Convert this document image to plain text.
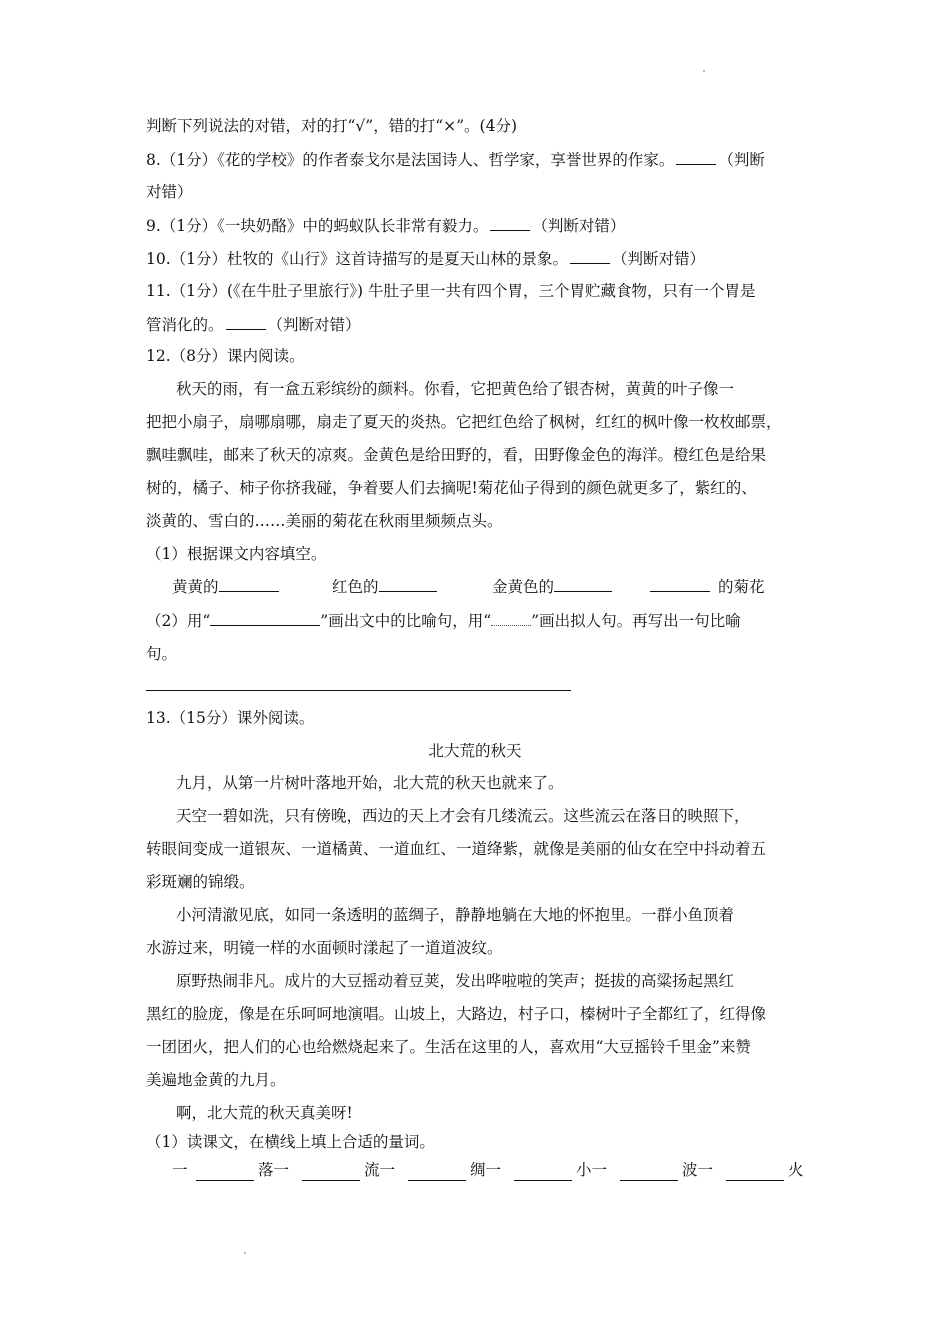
判断下列说法的对错，对的打“√”，错的打“×”。(4分)
8.（1分）《花的学校》的作者泰戈尔是法国诗人、哲学家，享誉世界的作家。	（判断
对错）
9.（1分）《一块奶酪》中的蚂蚁队长非常有毅力。	（判断对错）
10.（1分）杜牧的《山行》这首诗描写的是夏天山林的景象。	（判断对错）
11.（1分）(《在牛肚子里旅行》) 牛肚子里一共有四个胃，三个胃贮藏食物，只有一个胃是
管消化的。	（判断对错）
12.（8分）课内阅读。
秋天的雨，有一盒五彩缤纷的颜料。你看，它把黄色给了银杏树，黄黄的叶子像一
把把小扇子，扇哪扇哪，扇走了夏天的炎热。它把红色给了枫树，红红的枫叶像一枚枚邮票，
飘哇飘哇，邮来了秋天的凉爽。金黄色是给田野的，看，田野像金色的海洋。橙红色是给果
树的，橘子、柿子你挤我碰，争着要人们去摘呢!菊花仙子得到的颜色就更多了，紫红的、
淡黄的、雪白的……美丽的菊花在秋雨里频频点头。
（1）根据课文内容填空。
黄黄的	红色的	金黄色的	的菊花
（2）用“	”画出文中的比喻句，用“	”画出拟人句。再写出一句比喻
句。
13.（15分）课外阅读。
北大荒的秋天
九月，从第一片树叶落地开始，北大荒的秋天也就来了。
天空一碧如洗，只有傍晚，西边的天上才会有几缕流云。这些流云在落日的映照下，
转眼间变成一道银灰、一道橘黄、一道血红、一道绛紫，就像是美丽的仙女在空中抖动着五
彩斑斓的锦缎。
小河清澈见底，如同一条透明的蓝绸子，静静地躺在大地的怀抱里。一群小鱼顶着
水游过来，明镜一样的水面顿时漾起了一道道波纹。
原野热闹非凡。成片的大豆摇动着豆荚，发出哗啦啦的笑声；挺拔的高粱扬起黑红
黑红的脸庞，像是在乐呵呵地演唱。山坡上，大路边，村子口，榛树叶子全都红了，红得像
一团团火，把人们的心也给燃烧起来了。生活在这里的人，喜欢用“大豆摇铃千里金”来赞
美遍地金黄的九月。
啊，北大荒的秋天真美呀!
（1）读课文，在横线上填上合适的量词。
一	落一	流一	绸一	小一	波一	火
